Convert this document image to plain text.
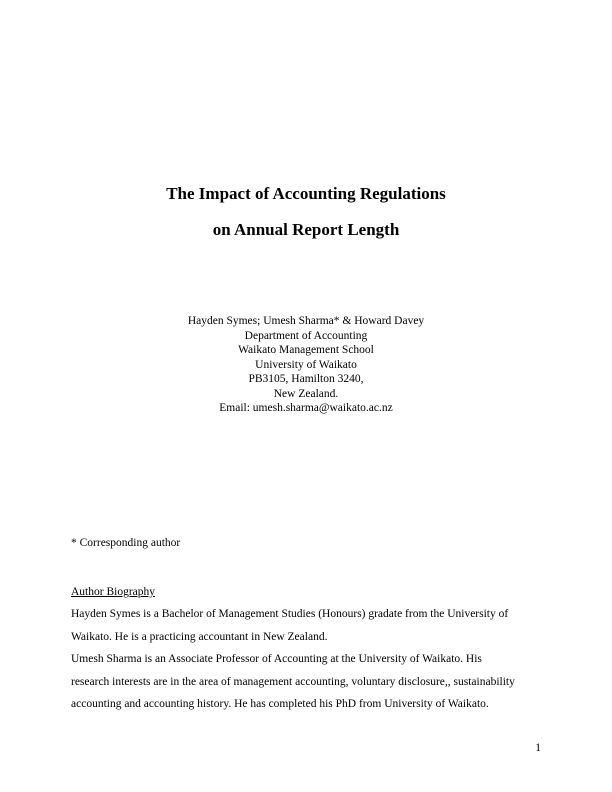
The Impact of Accounting Regulations
on Annual Report Length
Hayden Symes; Umesh Sharma* & Howard Davey
Department of Accounting
Waikato Management School
University of Waikato
PB3105, Hamilton 3240,
New Zealand.
Email: umesh.sharma@waikato.ac.nz
* Corresponding author
Author Biography
Hayden Symes is a Bachelor of Management Studies (Honours) gradate from the University of
Waikato. He is a practicing accountant in New Zealand.
Umesh Sharma is an Associate Professor of Accounting at the University of Waikato. His
research interests are in the area of management accounting, voluntary disclosure,, sustainability
accounting and accounting history. He has completed his PhD from University of Waikato.
1
